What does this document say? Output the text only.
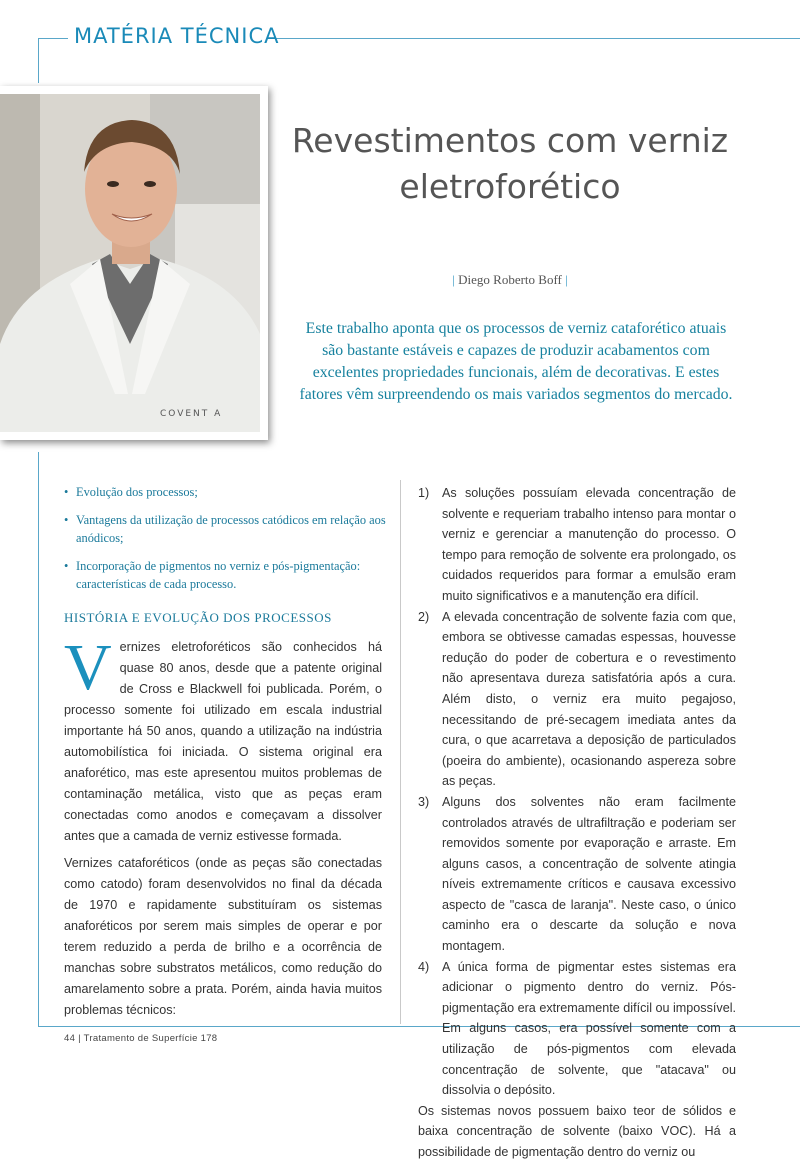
MATÉRIA TÉCNICA
COVENT A
Revestimentos com verniz
eletroforético
| Diego Roberto Boff |
Este trabalho aponta que os processos de verniz cataforético atuais são bastante estáveis e capazes de produzir acabamentos com excelentes propriedades funcionais, além de decorativas. E estes fatores vêm surpreendendo os mais variados segmentos do mercado.
• Evolução dos processos;
• Vantagens da utilização de processos catódicos em relação aos anódicos;
• Incorporação de pigmentos no verniz e pós-pigmentação: características de cada processo.
HISTÓRIA E EVOLUÇÃO DOS PROCESSOS

Vernizes eletroforéticos são conhecidos há quase 80 anos, desde que a patente original de Cross e Blackwell foi publicada. Porém, o processo somente foi utilizado em escala industrial importante há 50 anos, quando a utilização na indústria automobilística foi iniciada. O sistema original era anaforético, mas este apresentou muitos problemas de contaminação metálica, visto que as peças eram conectadas como anodos e começavam a dissolver antes que a camada de verniz estivesse formada.

Vernizes cataforéticos (onde as peças são conectadas como catodo) foram desenvolvidos no final da década de 1970 e rapidamente substituíram os sistemas anaforéticos por serem mais simples de operar e por terem reduzido a perda de brilho e a ocorrência de manchas sobre substratos metálicos, como redução do amarelamento sobre a prata. Porém, ainda havia muitos problemas técnicos:

1) As soluções possuíam elevada concentração de solvente e requeriam trabalho intenso para montar o verniz e gerenciar a manutenção do processo. O tempo para remoção de solvente era prolongado, os cuidados requeridos para formar a emulsão eram muito significativos e a manutenção era difícil.
2) A elevada concentração de solvente fazia com que, embora se obtivesse camadas espessas, houvesse redução do poder de cobertura e o revestimento não apresentava dureza satisfatória após a cura. Além disto, o verniz era muito pegajoso, necessitando de pré-secagem imediata antes da cura, o que acarretava a deposição de particulados (poeira do ambiente), ocasionando aspereza sobre as peças.
3) Alguns dos solventes não eram facilmente controlados através de ultrafiltração e poderiam ser removidos somente por evaporação e arraste. Em alguns casos, a concentração de solvente atingia níveis extremamente críticos e causava excessivo aspecto de "casca de laranja". Neste caso, o único caminho era o descarte da solução e nova montagem.
4) A única forma de pigmentar estes sistemas era adicionar o pigmento dentro do verniz. Pós-pigmentação era extremamente difícil ou impossível. Em alguns casos, era possível somente com a utilização de pós-pigmentos com elevada concentração de solvente, que "atacava" ou dissolvia o depósito.

Os sistemas novos possuem baixo teor de sólidos e baixa concentração de solvente (baixo VOC). Há a possibilidade de pigmentação dentro do verniz ou

44 | Tratamento de Superfície 178
